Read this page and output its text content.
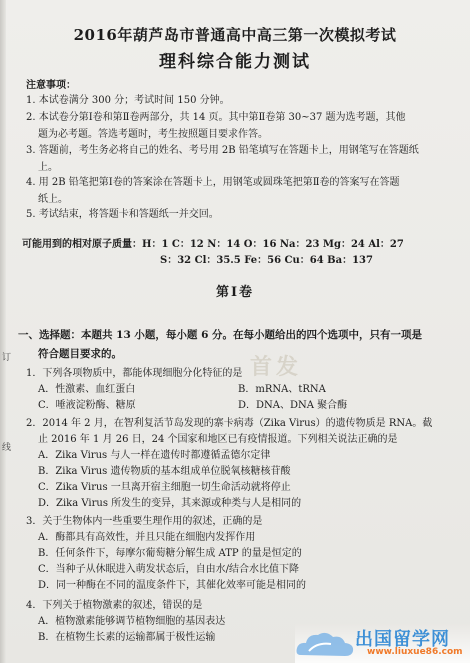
订
线
2016年葫芦岛市普通高中高三第一次模拟考试
理科综合能力测试
注意事项：
1. 本试卷满分 300 分；考试时间 150 分钟。
2. 本试卷分第Ⅰ卷和第Ⅱ卷两部分，共 14 页。其中第Ⅱ卷第 30~37 题为选考题，其他
题为必考题。答选考题时，考生按照题目要求作答。
3. 答题前，考生务必将自己的姓名、考号用 2B 铅笔填写在答题卡上，用钢笔写在答题纸
上。
4. 用 2B 铅笔把第Ⅰ卷的答案涂在答题卡上，用钢笔或圆珠笔把第Ⅱ卷的答案写在答题
纸上。
5. 考试结束，将答题卡和答题纸一并交回。
可能用到的相对原子质量：H：1 C：12 N：14 O：16 Na：23 Mg：24 Al：27
S：32 Cl：35.5 Fe：56 Cu：64 Ba：137
第Ⅰ卷
一、选择题：本题共 13 小题，每小题 6 分。在每小题给出的四个选项中，只有一项是
符合题目要求的。	首发
1．下列各项物质中，都能体现细胞分化特征的是
A．性激素、血红蛋白	B．mRNA、tRNA
C．唾液淀粉酶、糖原	D．DNA、DNA 聚合酶
2．2014 年 2 月，在智利复活节岛发现的寨卡病毒（Zika Virus）的遗传物质是 RNA。截
止 2016 年 1 月 26 日，24 个国家和地区已有疫情报道。下列相关说法正确的是
A．Zika Virus 与人一样在遗传时都遵循孟德尔定律
B．Zika Virus 遗传物质的基本组成单位脱氧核糖核苷酸
C．Zika Virus 一旦离开宿主细胞一切生命活动就将停止
D．Zika Virus 所发生的变异，其来源或种类与人是相同的
3．关于生物体内一些重要生理作用的叙述，正确的是
A．酶都具有高效性，并且只能在细胞内发挥作用
B．任何条件下，每摩尔葡萄糖分解生成 ATP 的量是恒定的
C．当种子从休眠进入萌发状态后，自由水/结合水比值下降
D．同一种酶在不同的温度条件下，其催化效率可能是相同的
4．下列关于植物激素的叙述，错误的是
A．植物激素能够调节植物细胞的基因表达
B．在植物生长素的运输都属于极性运输	出国留学网
www.liuxue86.com
